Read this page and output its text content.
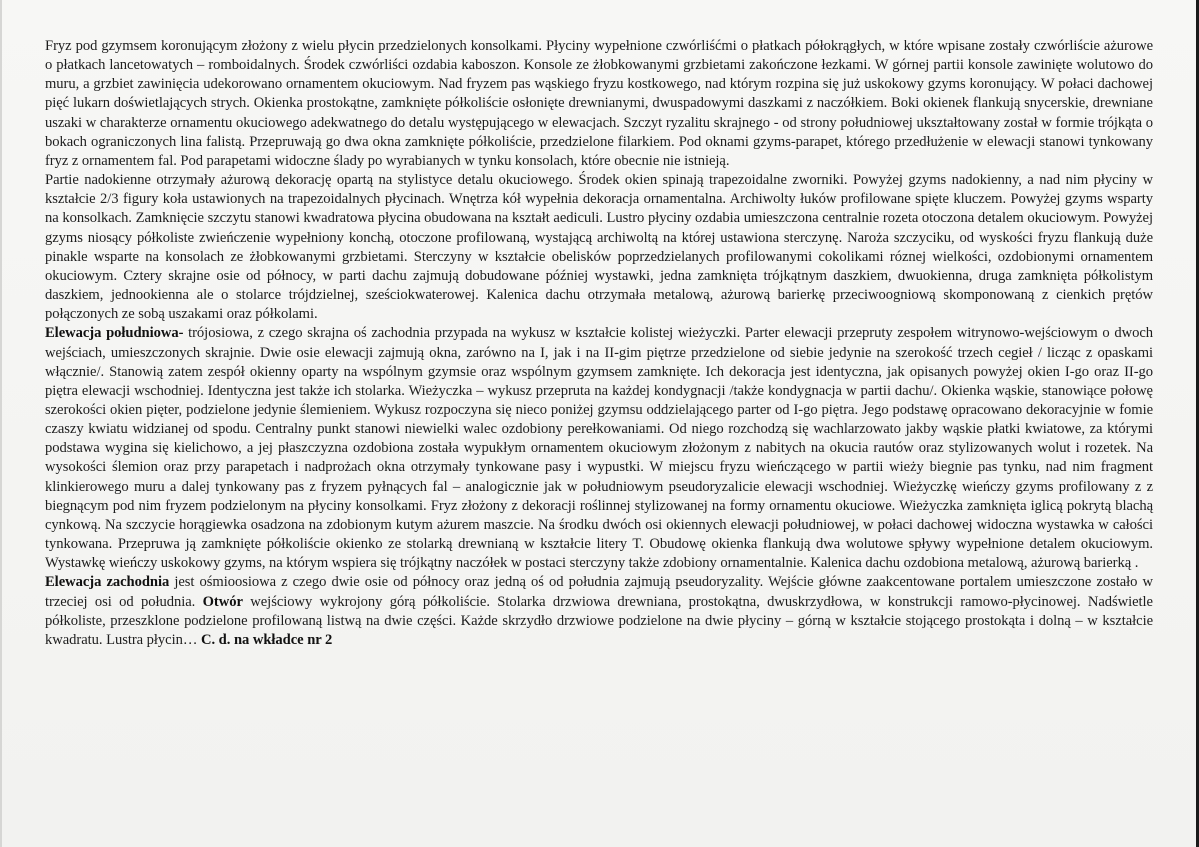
Fryz pod gzymsem koronującym złożony z wielu płycin przedzielonych konsolkami. Płyciny wypełnione czwórliśćmi o płatkach półokrągłych, w które wpisane zostały czwórliście ażurowe o płatkach lancetowatych – romboidalnych. Środek czwórliści ozdabia kaboszon. Konsole ze żłobkowanymi grzbietami zakończone łezkami. W górnej partii konsole zawinięte wolutowo do muru, a grzbiet zawinięcia udekorowano ornamentem okuciowym. Nad fryzem pas wąskiego fryzu kostkowego, nad którym rozpina się już uskokowy gzyms koronujący. W połaci dachowej pięć lukarn doświetlających strych. Okienka prostokątne, zamknięte półkoliście osłonięte drewnianymi, dwuspadowymi daszkami z naczółkiem. Boki okienek flankują snycerskie, drewniane uszaki w charakterze ornamentu okuciowego adekwatnego do detalu występującego w elewacjach. Szczyt ryzalitu skrajnego - od strony południowej ukształtowany został w formie trójkąta o bokach ograniczonych lina falistą. Przepruwają go dwa okna zamknięte półkoliście, przedzielone filarkiem. Pod oknami gzyms-parapet, którego przedłużenie w elewacji stanowi tynkowany fryz z ornamentem fal. Pod parapetami widoczne ślady po wyrabianych w tynku konsolach, które obecnie nie istnieją.

Partie nadokienne otrzymały ażurową dekorację opartą na stylistyce detalu okuciowego. Środek okien spinają trapezoidalne zworniki. Powyżej gzyms nadokienny, a nad nim płyciny w kształcie 2/3 figury koła ustawionych na trapezoidalnych płycinach. Wnętrza kół wypełnia dekoracja ornamentalna. Archiwolty łuków profilowane spięte kluczem. Powyżej gzyms wsparty na konsolkach. Zamknięcie szczytu stanowi kwadratowa płycina obudowana na kształt aediculi. Lustro płyciny ozdabia umieszczona centralnie rozeta otoczona detalem okuciowym. Powyżej gzyms niosący półkoliste zwieńczenie wypełniony konchą, otoczone profilowaną, wystającą archiwoltą na której ustawiona sterczynę. Naroża szczyciku, od wyskości fryzu flankują duże pinakle wsparte na konsolach ze żłobkowanymi grzbietami. Sterczyny w kształcie obelisków poprzedzielanych profilowanymi cokolikami róznej wielkości, ozdobionymi ornamentem okuciowym. Cztery skrajne osie od północy, w parti dachu zajmują dobudowane później wystawki, jedna zamknięta trójkątnym daszkiem, dwuokienna, druga zamknięta półkolistym daszkiem, jednookienna ale o stolarce trójdzielnej, sześciokwaterowej. Kalenica dachu otrzymała metalową, ażurową barierkę przeciwoogniową skomponowaną z cienkich prętów połączonych ze sobą uszakami oraz półkolami.

Elewacja południowa- trójosiowa, z czego skrajna oś zachodnia przypada na wykusz w kształcie kolistej wieżyczki. Parter elewacji przepruty zespołem witrynowo-wejściowym o dwoch wejściach, umieszczonych skrajnie. Dwie osie elewacji zajmują okna, zarówno na I, jak i na II-gim piętrze przedzielone od siebie jedynie na szerokość trzech cegieł / licząc z opaskami włącznie/. Stanowią zatem zespół okienny oparty na wspólnym gzymsie oraz wspólnym gzymsem zamknięte. Ich dekoracja jest identyczna, jak opisanych powyżej okien I-go oraz II-go piętra elewacji wschodniej. Identyczna jest także ich stolarka. Wieżyczka – wykusz przepruta na każdej kondygnacji /także kondygnacja w partii dachu/. Okienka wąskie, stanowiące połowę szerokości okien pięter, podzielone jedynie ślemieniem. Wykusz rozpoczyna się nieco poniżej gzymsu oddzielającego parter od I-go piętra. Jego podstawę opracowano dekoracyjnie w fomie czaszy kwiatu widzianej od spodu. Centralny punkt stanowi niewielki walec ozdobiony perełkowaniami. Od niego rozchodzą się wachlarzowato jakby wąskie płatki kwiatowe, za którymi podstawa wygina się kielichowo, a jej płaszczyzna ozdobiona została wypukłym ornamentem okuciowym złożonym z nabitych na okucia rautów oraz stylizowanych wolut i rozetek. Na wysokości ślemion oraz przy parapetach i nadprożach okna otrzymały tynkowane pasy i wypustki. W miejscu fryzu wieńczącego w partii wieży biegnie pas tynku, nad nim fragment klinkierowego muru a dalej tynkowany pas z fryzem pyłnących fal – analogicznie jak w południowym pseudoryzalicie elewacji wschodniej. Wieżyczkę wieńczy gzyms profilowany z z biegnącym pod nim fryzem podzielonym na płyciny konsolkami. Fryz złożony z dekoracji roślinnej stylizowanej na formy ornamentu okuciowe. Wieżyczka zamknięta iglicą pokrytą blachą cynkową. Na szczycie horągiewka osadzona na zdobionym kutym ażurem maszcie. Na środku dwóch osi okiennych elewacji południowej, w połaci dachowej widoczna wystawka w całości tynkowana. Przepruwa ją zamknięte półkoliście okienko ze stolarką drewnianą w kształcie litery T. Obudowę okienka flankują dwa wolutowe spływy wypełnione detalem okuciowym. Wystawkę wieńczy uskokowy gzyms, na którym wspiera się trójkątny naczółek w postaci sterczyny także zdobiony ornamentalnie. Kalenica dachu ozdobiona metalową, ażurową barierką .

Elewacja zachodnia jest ośmioosiowa z czego dwie osie od północy oraz jedną oś od południa zajmują pseudoryzality. Wejście główne zaakcentowane portalem umieszczone zostało w trzeciej osi od południa. Otwór wejściowy wykrojony górą półkoliście. Stolarka drzwiowa drewniana, prostokątna, dwuskrzydłowa, w konstrukcji ramowo-płycinowej. Nadświetle półkoliste, przeszklone podzielone profilowaną listwą na dwie części. Każde skrzydło drzwiowe podzielone na dwie płyciny – górną w kształcie stojącego prostokąta i dolną – w kształcie kwadratu. Lustra płycin… C. d. na wkładce nr 2
